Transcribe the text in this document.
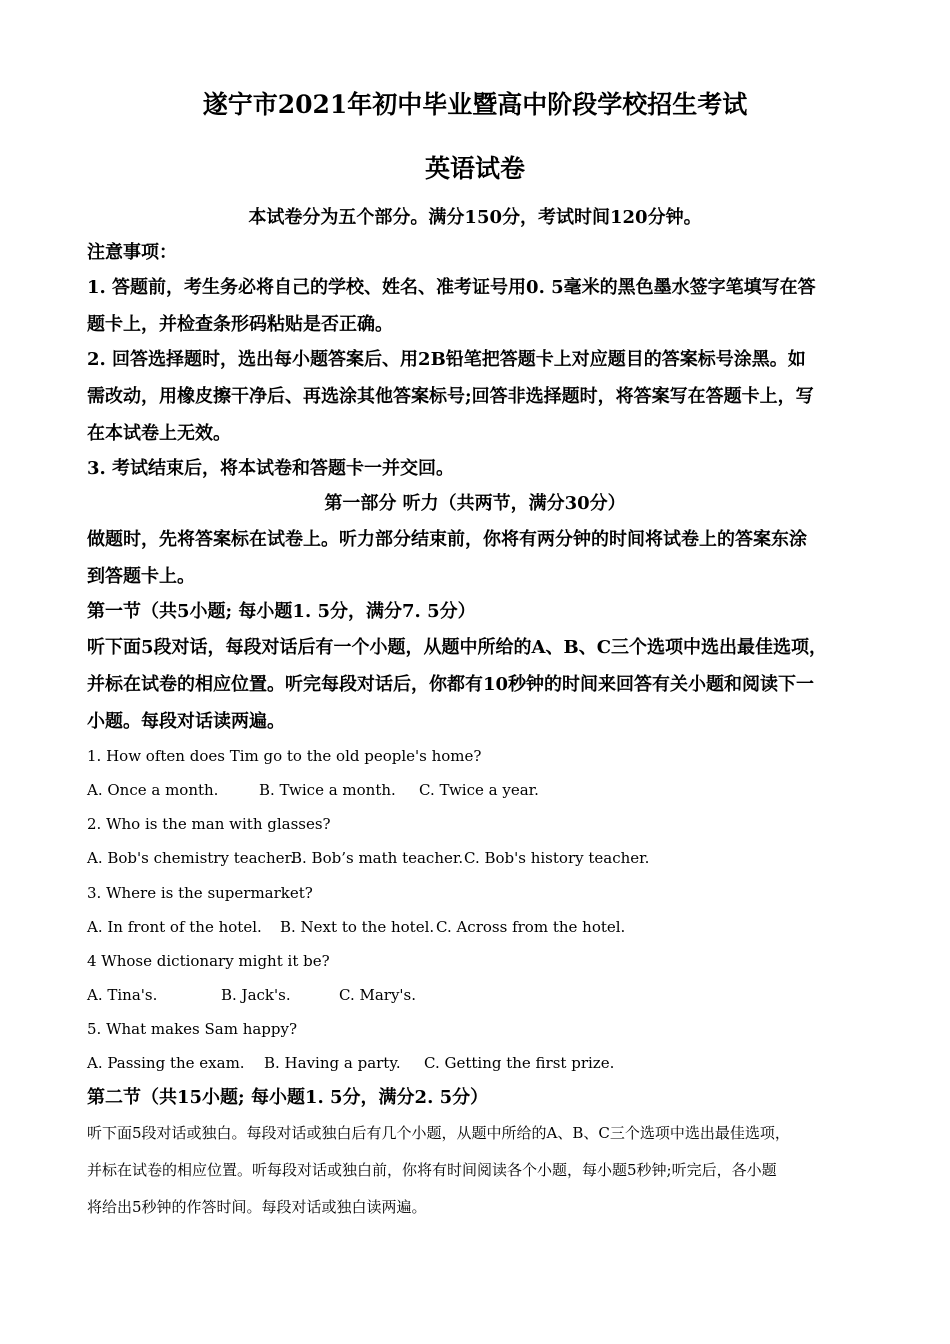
遂宁市2021年初中毕业暨高中阶段学校招生考试
英语试卷
本试卷分为五个部分。满分150分，考试时间120分钟。
注意事项：
1. 答题前，考生务必将自己的学校、姓名、准考证号用0. 5毫米的黑色墨水签字笔填写在答
题卡上，并检查条形码粘贴是否正确。
2. 回答选择题时，选出每小题答案后、用2B铅笔把答题卡上对应题目的答案标号涂黑。如
需改动，用橡皮擦干净后、再选涂其他答案标号;回答非选择题时，将答案写在答题卡上，写
在本试卷上无效。
3. 考试结束后，将本试卷和答题卡一并交回。
第一部分 听力（共两节，满分30分）
做题时，先将答案标在试卷上。听力部分结束前，你将有两分钟的时间将试卷上的答案东涂
到答题卡上。
第一节（共5小题; 每小题1. 5分，满分7. 5分）
听下面5段对话，每段对话后有一个小题，从题中所给的A、B、C三个选项中选出最佳选项，
并标在试卷的相应位置。听完每段对话后，你都有10秒钟的时间来回答有关小题和阅读下一
小题。每段对话读两遍。
1. How often does Tim go to the old people's home?
A. Once a month.	B. Twice a month. C. Twice a year.
2. Who is the man with glasses?
A. Bob's chemistry teacher.
B. Bob’s math teacher. C. Bob's history teacher.
3. Where is the supermarket?
A. In front of the hotel. B. Next to the hotel. C. Across from the hotel.
4 Whose dictionary might it be?
A. Tina's.	B. Jack's.	C. Mary's.
5. What makes Sam happy?
A. Passing the exam. B. Having a party. C. Getting the first prize.
第二节（共15小题; 每小题1. 5分，满分2. 5分）
听下面5段对话或独白。每段对话或独白后有几个小题，从题中所给的A、B、C三个选项中选出最佳选项，
并标在试卷的相应位置。听每段对话或独白前，你将有时间阅读各个小题，每小题5秒钟;听完后，各小题
将给出5秒钟的作答时间。每段对话或独白读两遍。
